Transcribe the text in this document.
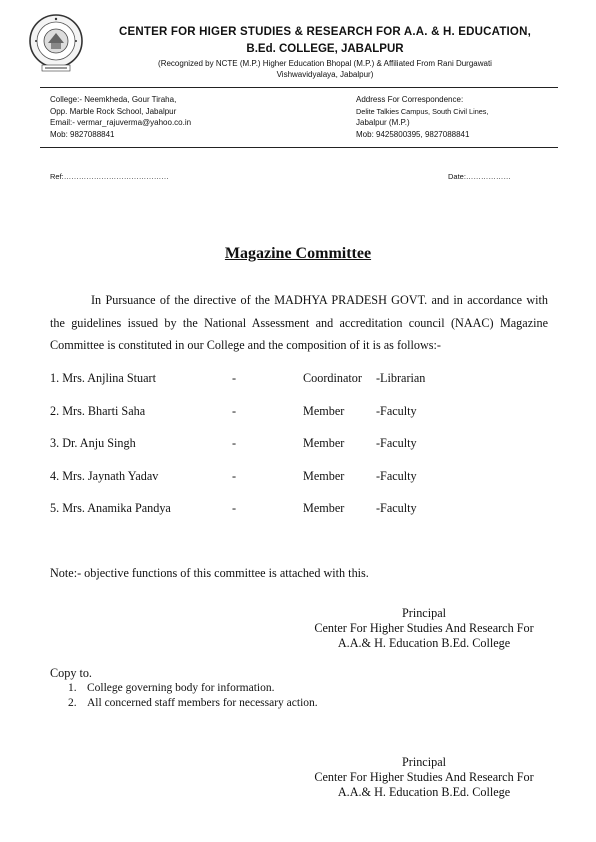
CENTER FOR HIGER STUDIES & RESEARCH FOR A.A. & H. EDUCATION,
B.Ed. COLLEGE, JABALPUR
(Recognized by NCTE (M.P.) Higher Education Bhopal (M.P.) & Affiliated From Rani Durgawati
Vishwavidyalaya, Jabalpur)
College:- Neemkheda, Gour Tiraha,
Opp. Marble Rock School, Jabalpur
Email:- vermar_rajuverma@yahoo.co.in
Mob: 9827088841
Address For Correspondence:
Delite Talkies Campus, South Civil Lines,
Jabalpur (M.P.)
Mob: 9425800395, 9827088841
Ref:……………………………………	Date:………………
Magazine Committee

In Pursuance of the directive of the MADHYA PRADESH GOVT. and in accordance with the guidelines issued by the National Assessment and accreditation council (NAAC) Magazine Committee is constituted in our College and the composition of it is as follows:-

1. Mrs. Anjlina Stuart	-	Coordinator -Librarian
2. Mrs. Bharti Saha	-	Member	-Faculty
3. Dr. Anju Singh	-	Member	-Faculty
4. Mrs. Jaynath Yadav	-	Member	-Faculty
5. Mrs. Anamika Pandya	-	Member	-Faculty
Note:- objective functions of this committee is attached with this.
Principal
Center For Higher Studies And Research For
A.A.& H. Education B.Ed. College
Copy to.
1. College governing body for information.
2. All concerned staff members for necessary action.
Principal
Center For Higher Studies And Research For
A.A.& H. Education B.Ed. College
